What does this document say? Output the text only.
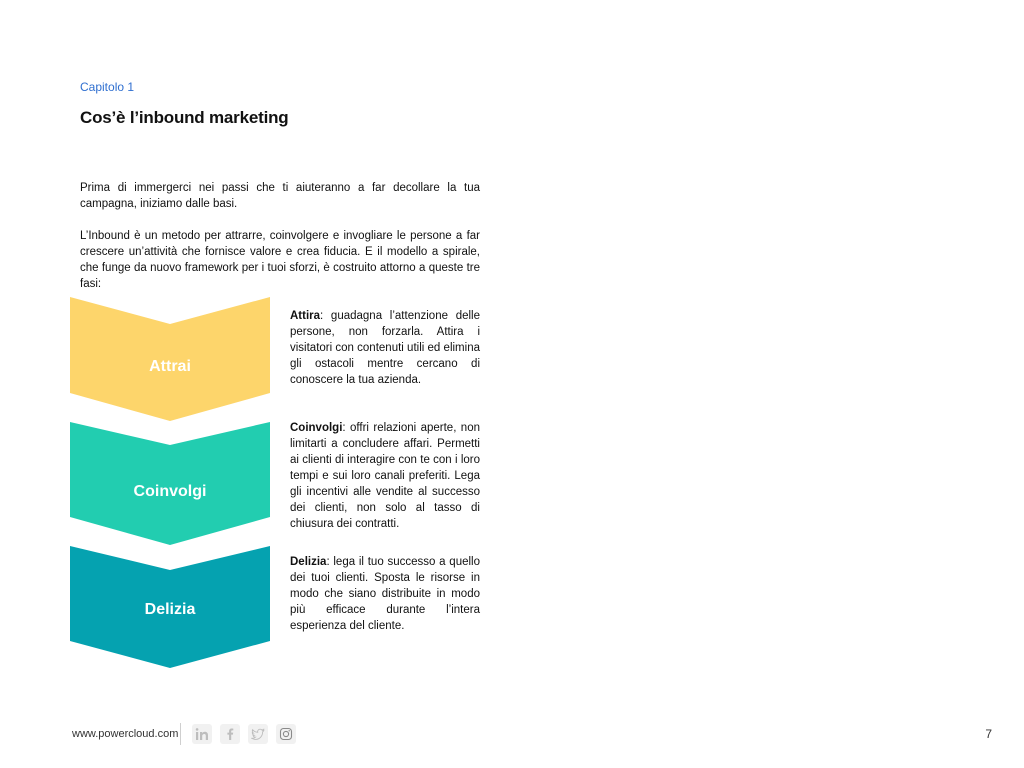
Capitolo 1
Cos’è l’inbound marketing

Prima di immergerci nei passi che ti aiuteranno a far decollare la tua campagna, iniziamo dalle basi.

L’Inbound è un metodo per attrarre, coinvolgere e invogliare le persone a far crescere un’attività che fornisce valore e crea fiducia. E il modello a spirale, che funge da nuovo framework per i tuoi sforzi, è costruito attorno a queste tre fasi:

Attrai
Coinvolgi
Delizia

Attira: guadagna l’attenzione delle persone, non forzarla. Attira i visitatori con contenuti utili ed elimina gli ostacoli mentre cercano di conoscere la tua azienda.

Coinvolgi: offri relazioni aperte, non limitarti a concludere affari. Permetti ai clienti di interagire con te con i loro tempi e sui loro canali preferiti. Lega gli incentivi alle vendite al successo dei clienti, non solo al tasso di chiusura dei contratti.

Delizia: lega il tuo successo a quello dei tuoi clienti. Sposta le risorse in modo che siano distribuite in modo più efficace durante l’intera esperienza del cliente.

www.powercloud.com	7
